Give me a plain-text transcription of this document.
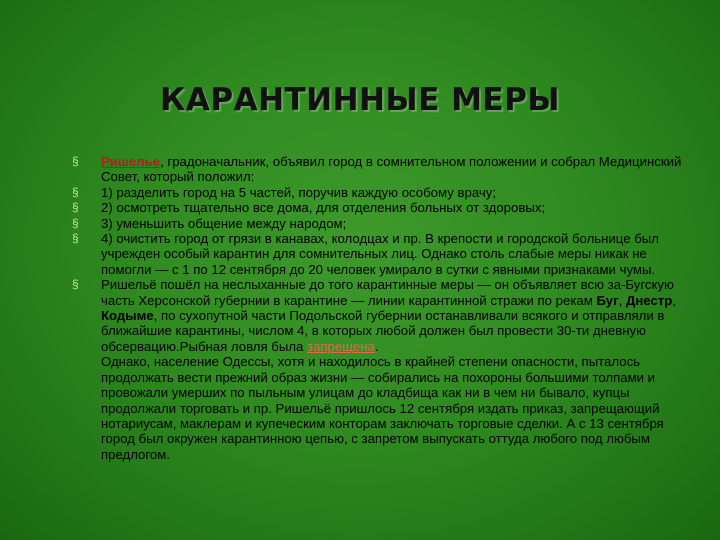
КАРАНТИННЫЕ МЕРЫ
§	Ришелье, градоначальник, объявил город в сомнительном положении и собрал Медицинский Совет, который положил:
§	1) разделить город на 5 частей, поручив каждую особому врачу;
§	2) осмотреть тщательно все дома, для отделения больных от здоровых;
§	3) уменьшить общение между народом;
§	4) очистить город от грязи в канавах, колодцах и пр. В крепости и городской больнице был учрежден особый карантин для сомнительных лиц. Однако столь слабые меры никак не помогли — с 1 по 12 сентября до 20 человек умирало в сутки с явными признаками чумы.
§	Ришельё пошёл на неслыханные до того карантинные меры — он объявляет всю за-Бугскую часть Херсонской губернии в карантине — линии карантинной стражи по рекам Буг, Днестр, Кодыме, по сухопутной части Подольской губернии останавливали всякого и отправляли в ближайшие карантины, числом 4, в которых любой должен был провести 30-ти дневную обсервацию.Рыбная ловля была запрещена.
Однако, население Одессы, хотя и находилось в крайней степени опасности, пыталось продолжать вести прежний образ жизни — собирались на похороны большими толпами и провожали умерших по пыльным улицам до кладбища как ни в чем ни бывало, купцы продолжали торговать и пр. Ришельё пришлось 12 сентября издать приказ, запрещающий нотариусам, маклерам и купеческим конторам заключать торговые сделки. А с 13 сентября город был окружен карантинною цепью, с запретом выпускать оттуда любого под любым предлогом.
